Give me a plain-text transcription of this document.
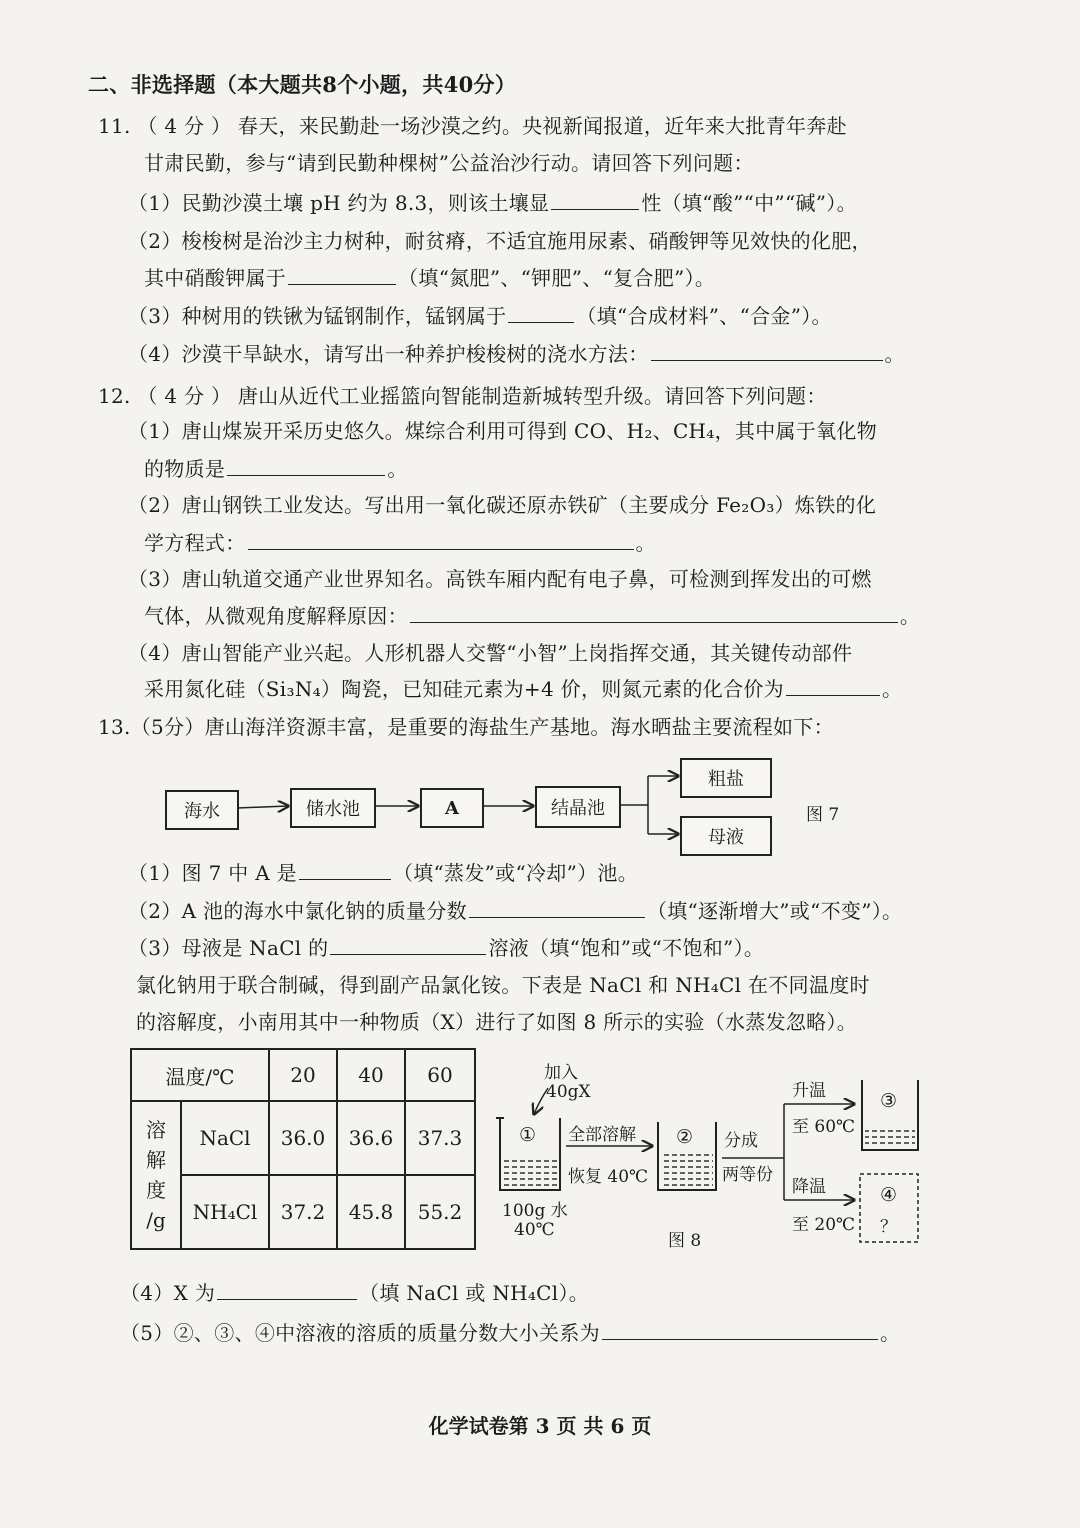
二、非选择题（本大题共8个小题，共40分）
11. （ 4 分 ） 春天，来民勤赴一场沙漠之约。央视新闻报道，近年来大批青年奔赴
甘肃民勤，参与“请到民勤种棵树”公益治沙行动。请回答下列问题：
（1）民勤沙漠土壤 pH 约为 8.3，则该土壤显	性（填“酸”“中”“碱”）。
（2）梭梭树是治沙主力树种，耐贫瘠，不适宜施用尿素、硝酸钾等见效快的化肥，
其中硝酸钾属于	（填“氮肥”、“钾肥”、“复合肥”）。
（3）种树用的铁锹为锰钢制作，锰钢属于	（填“合成材料”、“合金”）。
（4）沙漠干旱缺水，请写出一种养护梭梭树的浇水方法：	。
12. （ 4 分 ） 唐山从近代工业摇篮向智能制造新城转型升级。请回答下列问题：
（1）唐山煤炭开采历史悠久。煤综合利用可得到 CO、H₂、CH₄，其中属于氧化物
的物质是	。
（2）唐山钢铁工业发达。写出用一氧化碳还原赤铁矿（主要成分 Fe₂O₃）炼铁的化
学方程式：	。
（3）唐山轨道交通产业世界知名。高铁车厢内配有电子鼻，可检测到挥发出的可燃
气体，从微观角度解释原因：	。
（4）唐山智能产业兴起。人形机器人交警“小智”上岗指挥交通，其关键传动部件
采用氮化硅（Si₃N₄）陶瓷，已知硅元素为+4 价，则氮元素的化合价为	。
13.（5分）唐山海洋资源丰富，是重要的海盐生产基地。海水晒盐主要流程如下：
海水	储水池	A	结晶池
粗盐
母液
图 7
（1）图 7 中 A 是	（填“蒸发”或“冷却”）池。
（2）A 池的海水中氯化钠的质量分数	（填“逐渐增大”或“不变”）。
（3）母液是 NaCl 的	溶液（填“饱和”或“不饱和”）。
氯化钠用于联合制碱，得到副产品氯化铵。下表是 NaCl 和 NH₄Cl 在不同温度时
的溶解度，小南用其中一种物质（X）进行了如图 8 所示的实验（水蒸发忽略）。
温度/℃		20	40	60

溶
解
度
/g	NaCl	36.0	36.6	37.3
	NH₄Cl	37.2	45.8	55.2
加入
40gX
①
100g 水
40℃
全部溶解
恢复 40℃
② 分成
两等份
升温
至 60℃
降温
至 20℃
③
④
？
图 8
（4）X 为	（填 NaCl 或 NH₄Cl）。
（5）②、③、④中溶液的溶质的质量分数大小关系为	。
化学试卷第 3 页 共 6 页
